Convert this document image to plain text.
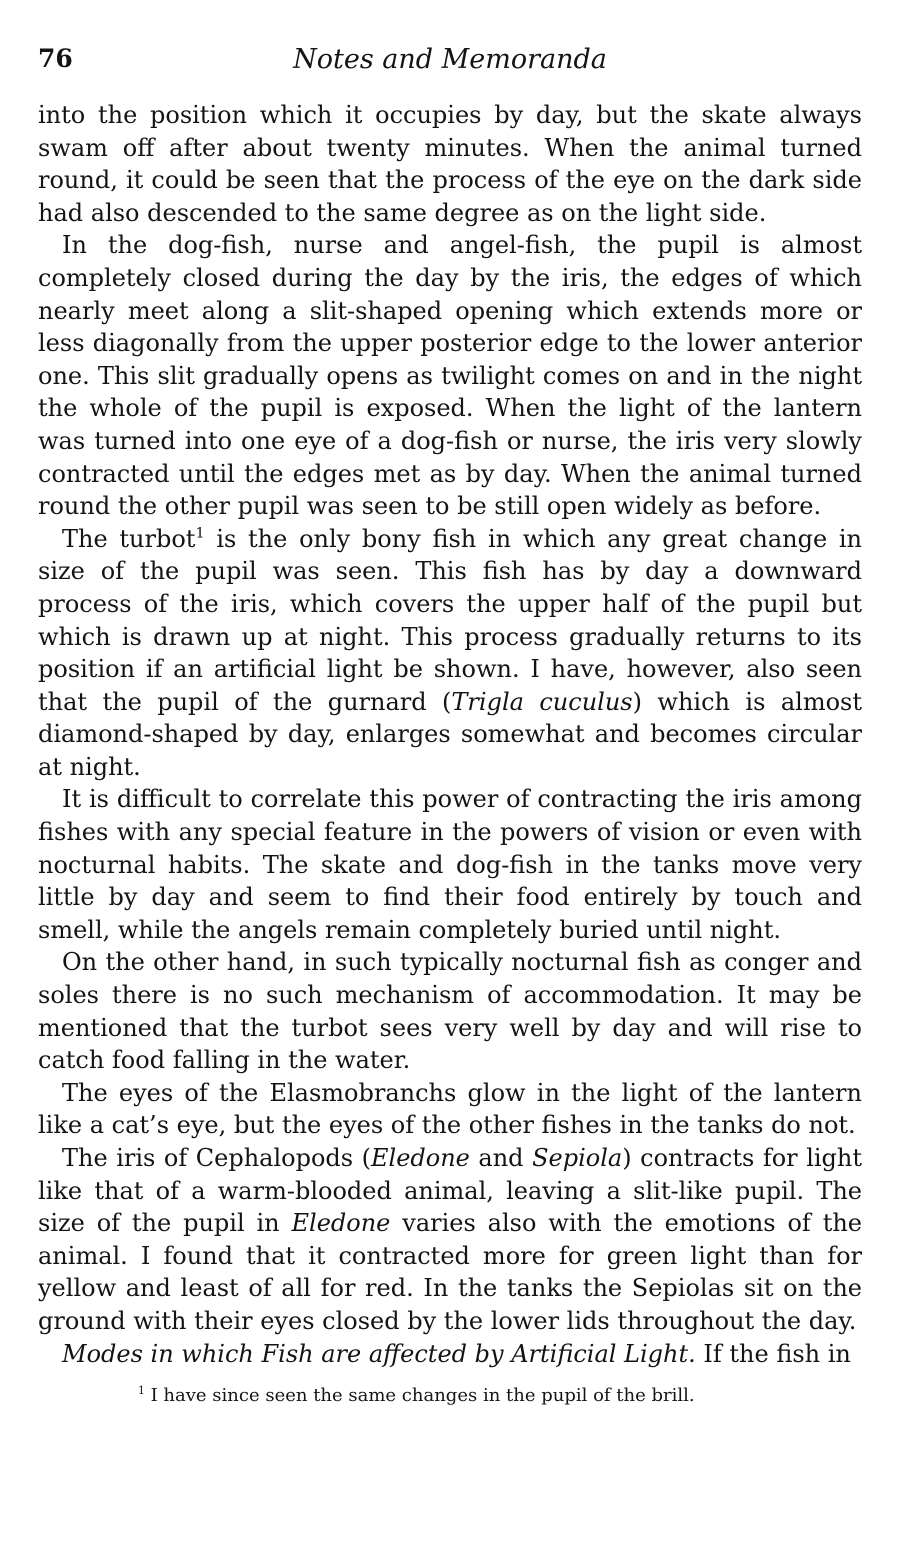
76	Notes and Memoranda

into the position which it occupies by day, but the skate always swam off after about twenty minutes. When the animal turned round, it could be seen that the process of the eye on the dark side had also descended to the same degree as on the light side.

In the dog-fish, nurse and angel-fish, the pupil is almost completely closed during the day by the iris, the edges of which nearly meet along a slit-shaped opening which extends more or less diagonally from the upper posterior edge to the lower anterior one. This slit gradually opens as twilight comes on and in the night the whole of the pupil is exposed. When the light of the lantern was turned into one eye of a dog-fish or nurse, the iris very slowly contracted until the edges met as by day. When the animal turned round the other pupil was seen to be still open widely as before.

The turbot$^1$ is the only bony fish in which any great change in size of the pupil was seen. This fish has by day a downward process of the iris, which covers the upper half of the pupil but which is drawn up at night. This process gradually returns to its position if an artificial light be shown. I have, however, also seen that the pupil of the gurnard (Trigla cuculus) which is almost diamond-shaped by day, enlarges somewhat and becomes circular at night.

It is difficult to correlate this power of contracting the iris among fishes with any special feature in the powers of vision or even with nocturnal habits. The skate and dog-fish in the tanks move very little by day and seem to find their food entirely by touch and smell, while the angels remain completely buried until night.

On the other hand, in such typically nocturnal fish as conger and soles there is no such mechanism of accommodation. It may be mentioned that the turbot sees very well by day and will rise to catch food falling in the water.

The eyes of the Elasmobranchs glow in the light of the lantern like a cat’s eye, but the eyes of the other fishes in the tanks do not.

The iris of Cephalopods (Eledone and Sepiola) contracts for light like that of a warm-blooded animal, leaving a slit-like pupil. The size of the pupil in Eledone varies also with the emotions of the animal. I found that it contracted more for green light than for yellow and least of all for red. In the tanks the Sepiolas sit on the ground with their eyes closed by the lower lids throughout the day.

Modes in which Fish are affected by Artificial Light. If the fish in

$^1$ I have since seen the same changes in the pupil of the brill.
